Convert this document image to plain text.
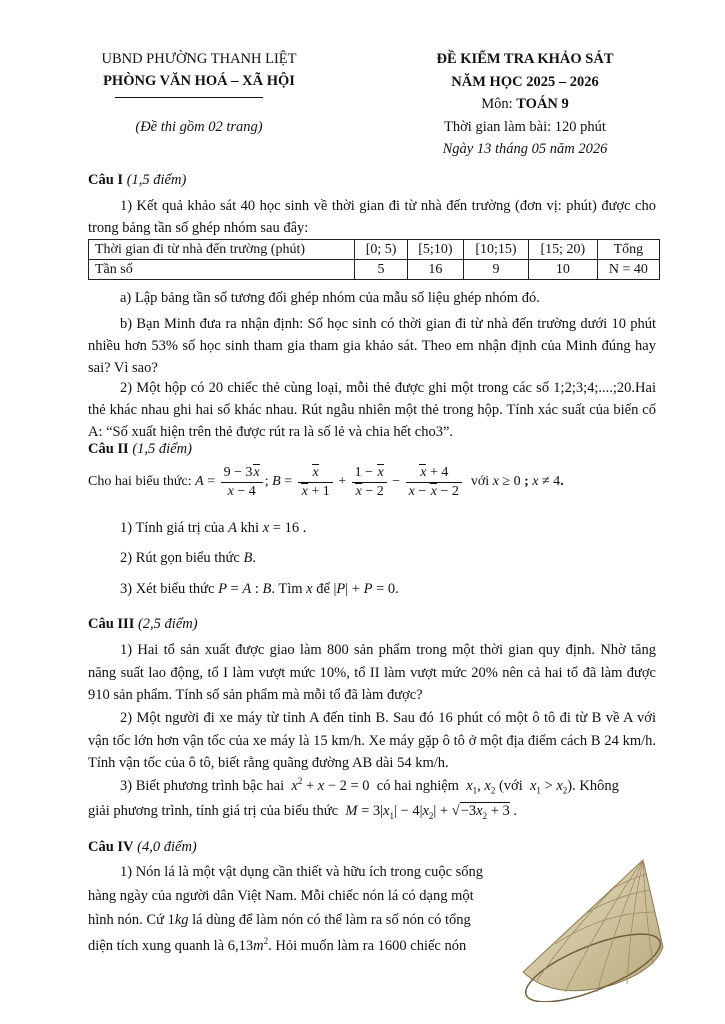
UBND PHƯỜNG THANH LIỆT
PHÒNG VĂN HOÁ – XÃ HỘI
(Đề thi gồm 02 trang)
ĐỀ KIỂM TRA KHẢO SÁT
NĂM HỌC 2025 – 2026
Môn: TOÁN 9
Thời gian làm bài: 120 phút
Ngày 13 tháng 05 năm 2026
Câu I (1,5 điểm)
1) Kết quả khảo sát 40 học sinh về thời gian đi từ nhà đến trường (đơn vị: phút) được cho trong bảng tần số ghép nhóm sau đây:
Thời gian đi từ nhà đến trường (phút)	[0; 5)	[5;10)	[10;15)	[15; 20)	Tổng
Tần số	5	16	9	10	N = 40
a) Lập bảng tần số tương đối ghép nhóm của mẫu số liệu ghép nhóm đó.
b) Bạn Minh đưa ra nhận định: Số học sinh có thời gian đi từ nhà đến trường dưới 10 phút nhiều hơn 53% số học sinh tham gia tham gia khảo sát. Theo em nhận định của Minh đúng hay sai? Vì sao?
2) Một hộp có 20 chiếc thẻ cùng loại, mỗi thẻ được ghi một trong các số 1;2;3;4;....;20.Hai thẻ khác nhau ghi hai số khác nhau. Rút ngẫu nhiên một thẻ trong hộp. Tính xác suất của biến cố A: “Số xuất hiện trên thẻ được rút ra là số lẻ và chia hết cho3”.
Câu II (1,5 điểm)
Cho hai biểu thức:
$A = \frac{9 - 3x}{x - 4}$ ; $B = \frac{x}{x + 1} + \frac{1 - x}{x - 2} - \frac{x + 4}{x - x - 2}$
với
x ≥ 0 ;
x ≠ 4 .
1) Tính giá trị của A khi x = 16 .
2) Rút gọn biểu thức B.
3) Xét biểu thức P = A : B. Tìm x để |P| + P = 0.
Câu III (2,5 điểm)
1) Hai tổ sản xuất được giao làm 800 sản phẩm trong một thời gian quy định. Nhờ tăng năng suất lao động, tổ I làm vượt mức 10%, tổ II làm vượt mức 20% nên cả hai tổ đã làm được 910 sản phẩm. Tính số sản phẩm mà mỗi tổ đã làm được?
2) Một người đi xe máy từ tỉnh A đến tỉnh B. Sau đó 16 phút có một ô tô đi từ B về A với vận tốc lớn hơn vận tốc của xe máy là 15 km/h. Xe máy gặp ô tô ở một địa điểm cách B 24 km/h. Tính vận tốc của ô tô, biết rằng quãng đường AB dài 54 km/h.
3) Biết phương trình bậc hai $x^2 + x - 2 = 0$  có hai nghiệm $x_1$, $x_2$ (với $x_1 > x_2$). Không
giải phương trình, tính giá trị của biểu thức $M = 3|x_1| - 4|x_2| + √-3x_2 + 3$ .
Câu IV (4,0 điểm)
1) Nón lá là một vật dụng cần thiết và hữu ích trong cuộc sống
hàng ngày của người dân Việt Nam. Mỗi chiếc nón lá có dạng một
hình nón. Cứ 1kg lá dùng để làm nón có thể làm ra số nón có tổng
diện tích xung quanh là $6,13m^2$. Hỏi muốn làm ra 1600 chiếc nón
